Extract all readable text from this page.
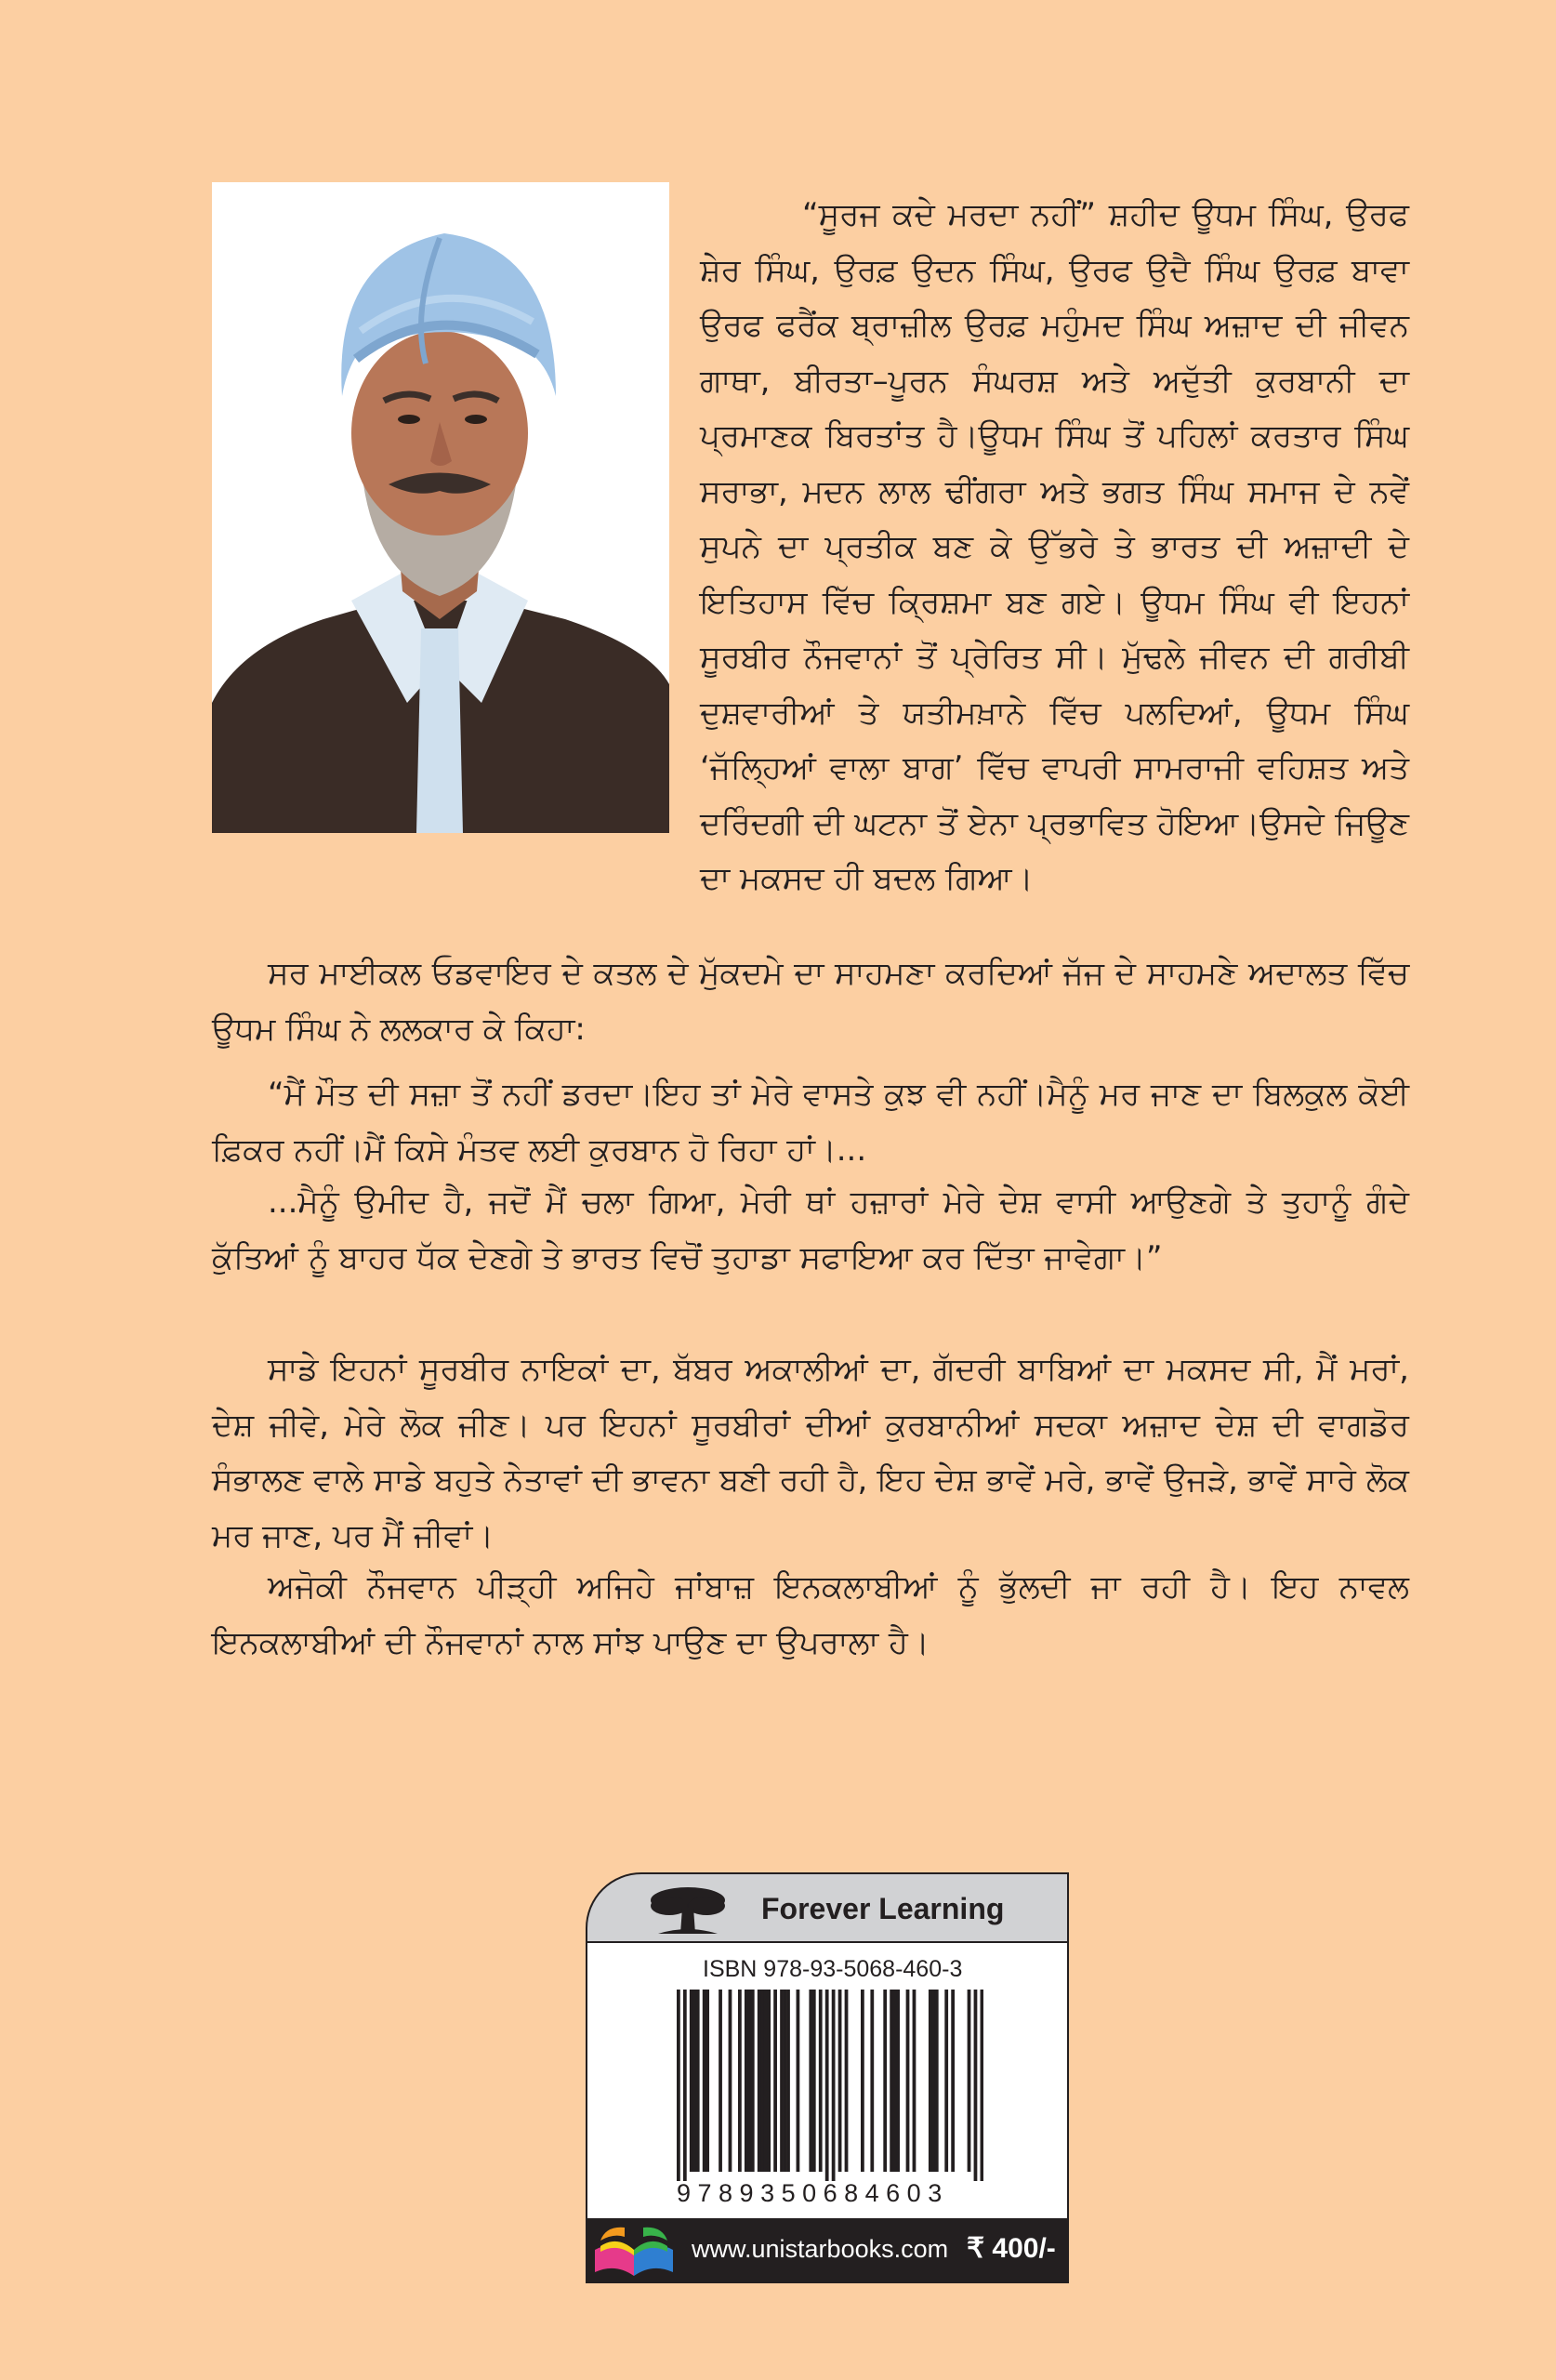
“ਸੂਰਜ ਕਦੇ ਮਰਦਾ ਨਹੀਂ” ਸ਼ਹੀਦ ਊਧਮ ਸਿੰਘ, ਉਰਫ ਸ਼ੇਰ ਸਿੰਘ, ਉਰਫ਼ ਉਦਨ ਸਿੰਘ, ਉਰਫ ਉਦੈ ਸਿੰਘ ਉਰਫ਼ ਬਾਵਾ ਉਰਫ ਫਰੈਂਕ ਬ੍ਰਾਜ਼ੀਲ ਉਰਫ਼ ਮਹੁੰਮਦ ਸਿੰਘ ਅਜ਼ਾਦ ਦੀ ਜੀਵਨ ਗਾਥਾ, ਬੀਰਤਾ–ਪੂਰਨ ਸੰਘਰਸ਼ ਅਤੇ ਅਦੁੱਤੀ ਕੁਰਬਾਨੀ ਦਾ ਪ੍ਰਮਾਣਕ ਬਿਰਤਾਂਤ ਹੈ।ਊਧਮ ਸਿੰਘ ਤੋਂ ਪਹਿਲਾਂ ਕਰਤਾਰ ਸਿੰਘ ਸਰਾਭਾ, ਮਦਨ ਲਾਲ ਢੀਂਗਰਾ ਅਤੇ ਭਗਤ ਸਿੰਘ ਸਮਾਜ ਦੇ ਨਵੇਂ ਸੁਪਨੇ ਦਾ ਪ੍ਰਤੀਕ ਬਣ ਕੇ ਉੱਭਰੇ ਤੇ ਭਾਰਤ ਦੀ ਅਜ਼ਾਦੀ ਦੇ ਇਤਿਹਾਸ ਵਿੱਚ ਕ੍ਰਿਸ਼ਮਾ ਬਣ ਗਏ। ਊਧਮ ਸਿੰਘ ਵੀ ਇਹਨਾਂ ਸੂਰਬੀਰ ਨੌਜਵਾਨਾਂ ਤੋਂ ਪ੍ਰੇਰਿਤ ਸੀ। ਮੁੱਢਲੇ ਜੀਵਨ ਦੀ ਗਰੀਬੀ ਦੁਸ਼ਵਾਰੀਆਂ ਤੇ ਯਤੀਮਖ਼ਾਨੇ ਵਿੱਚ ਪਲਦਿਆਂ, ਊਧਮ ਸਿੰਘ ‘ਜੱਲ੍ਹਿਆਂ ਵਾਲਾ ਬਾਗ’ ਵਿੱਚ ਵਾਪਰੀ ਸਾਮਰਾਜੀ ਵਹਿਸ਼ਤ ਅਤੇ ਦਰਿੰਦਗੀ ਦੀ ਘਟਨਾ ਤੋਂ ਏਨਾ ਪ੍ਰਭਾਵਿਤ ਹੋਇਆ।ਉਸਦੇ ਜਿਊਣ ਦਾ ਮਕਸਦ ਹੀ ਬਦਲ ਗਿਆ।

ਸਰ ਮਾਈਕਲ ਓਡਵਾਇਰ ਦੇ ਕਤਲ ਦੇ ਮੁੱਕਦਮੇ ਦਾ ਸਾਹਮਣਾ ਕਰਦਿਆਂ ਜੱਜ ਦੇ ਸਾਹਮਣੇ ਅਦਾਲਤ ਵਿੱਚ ਊਧਮ ਸਿੰਘ ਨੇ ਲਲਕਾਰ ਕੇ ਕਿਹਾ:

“ਮੈਂ ਮੌਤ ਦੀ ਸਜ਼ਾ ਤੋਂ ਨਹੀਂ ਡਰਦਾ।ਇਹ ਤਾਂ ਮੇਰੇ ਵਾਸਤੇ ਕੁਝ ਵੀ ਨਹੀਂ।ਮੈਨੂੰ ਮਰ ਜਾਣ ਦਾ ਬਿਲਕੁਲ ਕੋਈ ਫ਼ਿਕਰ ਨਹੀਂ।ਮੈਂ ਕਿਸੇ ਮੰਤਵ ਲਈ ਕੁਰਬਾਨ ਹੋ ਰਿਹਾ ਹਾਂ।...

...ਮੈਨੂੰ ਉਮੀਦ ਹੈ, ਜਦੋਂ ਮੈਂ ਚਲਾ ਗਿਆ, ਮੇਰੀ ਥਾਂ ਹਜ਼ਾਰਾਂ ਮੇਰੇ ਦੇਸ਼ ਵਾਸੀ ਆਉਣਗੇ ਤੇ ਤੁਹਾਨੂੰ ਗੰਦੇ ਕੁੱਤਿਆਂ ਨੂੰ ਬਾਹਰ ਧੱਕ ਦੇਣਗੇ ਤੇ ਭਾਰਤ ਵਿਚੋਂ ਤੁਹਾਡਾ ਸਫਾਇਆ ਕਰ ਦਿੱਤਾ ਜਾਵੇਗਾ।”

ਸਾਡੇ ਇਹਨਾਂ ਸੂਰਬੀਰ ਨਾਇਕਾਂ ਦਾ, ਬੱਬਰ ਅਕਾਲੀਆਂ ਦਾ, ਗੱਦਰੀ ਬਾਬਿਆਂ ਦਾ ਮਕਸਦ ਸੀ, ਮੈਂ ਮਰਾਂ, ਦੇਸ਼ ਜੀਵੇ, ਮੇਰੇ ਲੋਕ ਜੀਣ। ਪਰ ਇਹਨਾਂ ਸੂਰਬੀਰਾਂ ਦੀਆਂ ਕੁਰਬਾਨੀਆਂ ਸਦਕਾ ਅਜ਼ਾਦ ਦੇਸ਼ ਦੀ ਵਾਗਡੋਰ ਸੰਭਾਲਣ ਵਾਲੇ ਸਾਡੇ ਬਹੁਤੇ ਨੇਤਾਵਾਂ ਦੀ ਭਾਵਨਾ ਬਣੀ ਰਹੀ ਹੈ, ਇਹ ਦੇਸ਼ ਭਾਵੇਂ ਮਰੇ, ਭਾਵੇਂ ਉਜੜੇ, ਭਾਵੇਂ ਸਾਰੇ ਲੋਕ ਮਰ ਜਾਣ, ਪਰ ਮੈਂ ਜੀਵਾਂ।

ਅਜੋਕੀ ਨੌਜਵਾਨ ਪੀੜ੍ਹੀ ਅਜਿਹੇ ਜਾਂਬਾਜ਼ ਇਨਕਲਾਬੀਆਂ ਨੂੰ ਭੁੱਲਦੀ ਜਾ ਰਹੀ ਹੈ। ਇਹ ਨਾਵਲ ਇਨਕਲਾਬੀਆਂ ਦੀ ਨੌਜਵਾਨਾਂ ਨਾਲ ਸਾਂਝ ਪਾਉਣ ਦਾ ਉਪਰਾਲਾ ਹੈ।

Forever Learning
ISBN 978-93-5068-460-3
9789350684603
www.unistarbooks.com ₹ 400/-
